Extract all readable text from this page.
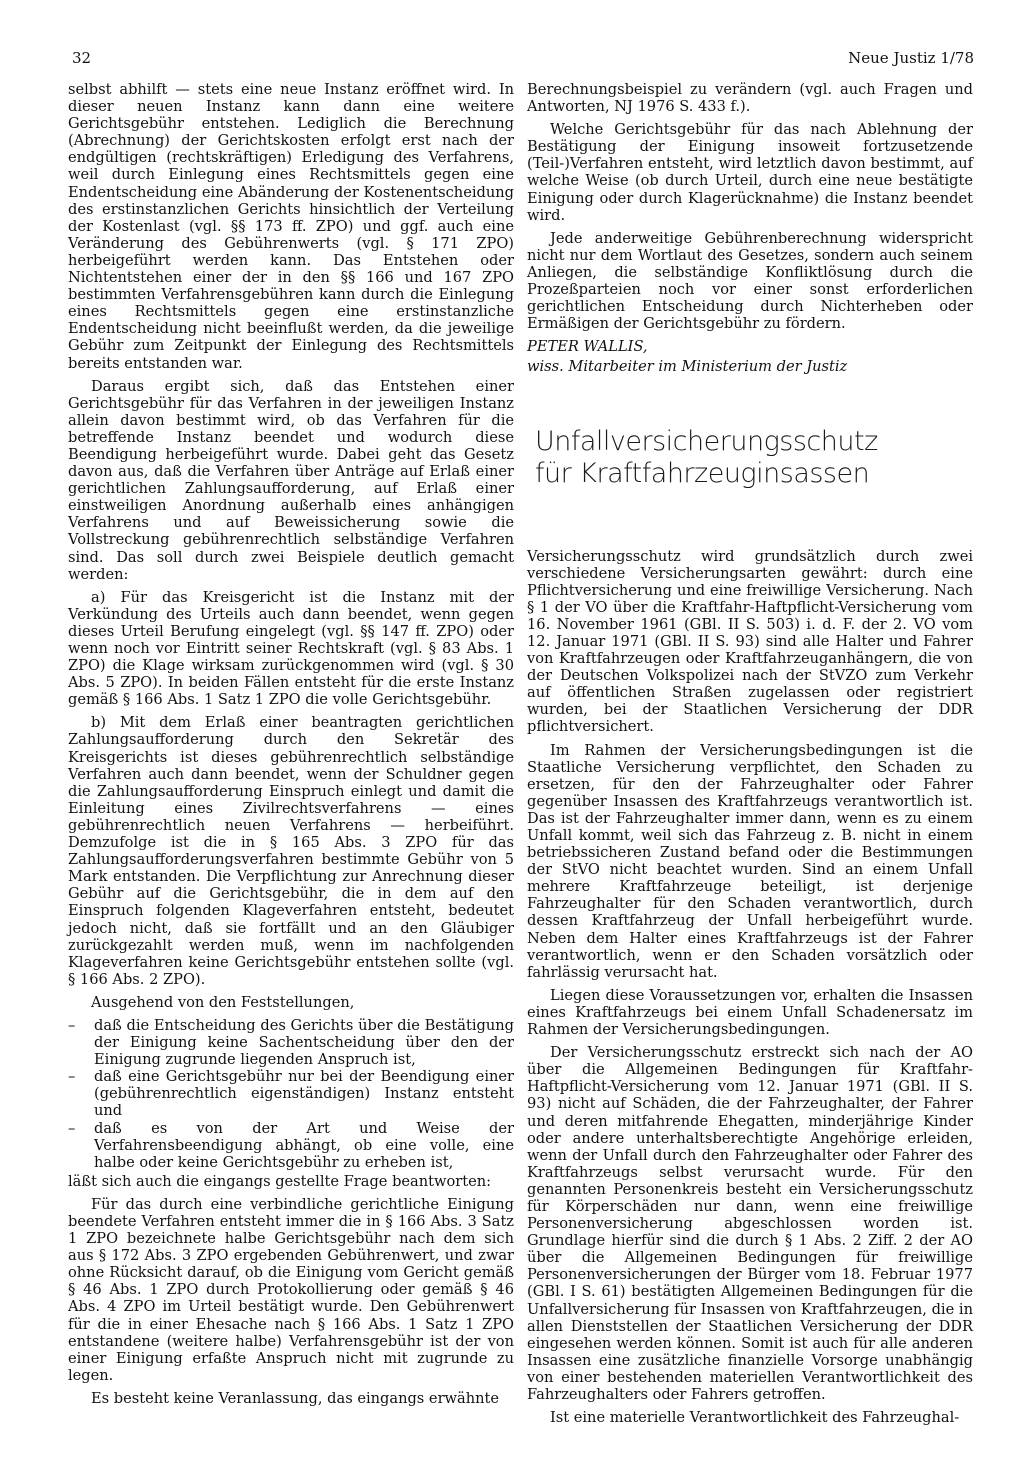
32	Neue Justiz 1/78

selbst abhilft — stets eine neue Instanz eröffnet wird. In dieser neuen Instanz kann dann eine weitere Gerichtsgebühr entstehen. Lediglich die Berechnung (Abrechnung) der Gerichtskosten erfolgt erst nach der endgültigen (rechtskräftigen) Erledigung des Verfahrens, weil durch Einlegung eines Rechtsmittels gegen eine Endentscheidung eine Abänderung der Kostenentscheidung des erstinstanzlichen Gerichts hinsichtlich der Verteilung der Kostenlast (vgl. §§ 173 ff. ZPO) und ggf. auch eine Veränderung des Gebührenwerts (vgl. § 171 ZPO) herbeigeführt werden kann. Das Entstehen oder Nichtentstehen einer der in den §§ 166 und 167 ZPO bestimmten Verfahrensgebühren kann durch die Einlegung eines Rechtsmittels gegen eine erstinstanzliche Endentscheidung nicht beeinflußt werden, da die jeweilige Gebühr zum Zeitpunkt der Einlegung des Rechtsmittels bereits entstanden war.

Daraus ergibt sich, daß das Entstehen einer Gerichtsgebühr für das Verfahren in der jeweiligen Instanz allein davon bestimmt wird, ob das Verfahren für die betreffende Instanz beendet und wodurch diese Beendigung herbeigeführt wurde. Dabei geht das Gesetz davon aus, daß die Verfahren über Anträge auf Erlaß einer gerichtlichen Zahlungsaufforderung, auf Erlaß einer einstweiligen Anordnung außerhalb eines anhängigen Verfahrens und auf Beweissicherung sowie die Vollstreckung gebührenrechtlich selbständige Verfahren sind. Das soll durch zwei Beispiele deutlich gemacht werden:

a) Für das Kreisgericht ist die Instanz mit der Verkündung des Urteils auch dann beendet, wenn gegen dieses Urteil Berufung eingelegt (vgl. §§ 147 ff. ZPO) oder wenn noch vor Eintritt seiner Rechtskraft (vgl. § 83 Abs. 1 ZPO) die Klage wirksam zurückgenommen wird (vgl. § 30 Abs. 5 ZPO). In beiden Fällen entsteht für die erste Instanz gemäß § 166 Abs. 1 Satz 1 ZPO die volle Gerichtsgebühr.

b) Mit dem Erlaß einer beantragten gerichtlichen Zahlungsaufforderung durch den Sekretär des Kreisgerichts ist dieses gebührenrechtlich selbständige Verfahren auch dann beendet, wenn der Schuldner gegen die Zahlungsaufforderung Einspruch einlegt und damit die Einleitung eines Zivilrechtsverfahrens — eines gebührenrechtlich neuen Verfahrens — herbeiführt. Demzufolge ist die in § 165 Abs. 3 ZPO für das Zahlungsaufforderungsverfahren bestimmte Gebühr von 5 Mark entstanden. Die Verpflichtung zur Anrechnung dieser Gebühr auf die Gerichtsgebühr, die in dem auf den Einspruch folgenden Klageverfahren entsteht, bedeutet jedoch nicht, daß sie fortfällt und an den Gläubiger zurückgezahlt werden muß, wenn im nachfolgenden Klageverfahren keine Gerichtsgebühr entstehen sollte (vgl. § 166 Abs. 2 ZPO).

Ausgehend von den Feststellungen,

– daß die Entscheidung des Gerichts über die Bestätigung der Einigung keine Sachentscheidung über den der Einigung zugrunde liegenden Anspruch ist,
– daß eine Gerichtsgebühr nur bei der Beendigung einer (gebührenrechtlich eigenständigen) Instanz entsteht und
– daß es von der Art und Weise der Verfahrensbeendigung abhängt, ob eine volle, eine halbe oder keine Gerichtsgebühr zu erheben ist,

läßt sich auch die eingangs gestellte Frage beantworten:

Für das durch eine verbindliche gerichtliche Einigung beendete Verfahren entsteht immer die in § 166 Abs. 3 Satz 1 ZPO bezeichnete halbe Gerichtsgebühr nach dem sich aus § 172 Abs. 3 ZPO ergebenden Gebührenwert, und zwar ohne Rücksicht darauf, ob die Einigung vom Gericht gemäß § 46 Abs. 1 ZPO durch Protokollierung oder gemäß § 46 Abs. 4 ZPO im Urteil bestätigt wurde. Den Gebührenwert für die in einer Ehesache nach § 166 Abs. 1 Satz 1 ZPO entstandene (weitere halbe) Verfahrensgebühr ist der von einer Einigung erfaßte Anspruch nicht mit zugrunde zu legen.

Es besteht keine Veranlassung, das eingangs erwähnte

Berechnungsbeispiel zu verändern (vgl. auch Fragen und Antworten, NJ 1976 S. 433 f.).

Welche Gerichtsgebühr für das nach Ablehnung der Bestätigung der Einigung insoweit fortzusetzende (Teil-)Verfahren entsteht, wird letztlich davon bestimmt, auf welche Weise (ob durch Urteil, durch eine neue bestätigte Einigung oder durch Klagerücknahme) die Instanz beendet wird.

Jede anderweitige Gebührenberechnung widerspricht nicht nur dem Wortlaut des Gesetzes, sondern auch seinem Anliegen, die selbständige Konfliktlösung durch die Prozeßparteien noch vor einer sonst erforderlichen gerichtlichen Entscheidung durch Nichterheben oder Ermäßigen der Gerichtsgebühr zu fördern.

PETER WALLIS,

wiss. Mitarbeiter im Ministerium der Justiz

Unfallversicherungsschutz
für Kraftfahrzeuginsassen

Versicherungsschutz wird grundsätzlich durch zwei verschiedene Versicherungsarten gewährt: durch eine Pflichtversicherung und eine freiwillige Versicherung. Nach § 1 der VO über die Kraftfahr-Haftpflicht-Versicherung vom 16. November 1961 (GBl. II S. 503) i. d. F. der 2. VO vom 12. Januar 1971 (GBl. II S. 93) sind alle Halter und Fahrer von Kraftfahrzeugen oder Kraftfahrzeuganhängern, die von der Deutschen Volkspolizei nach der StVZO zum Verkehr auf öffentlichen Straßen zugelassen oder registriert wurden, bei der Staatlichen Versicherung der DDR pflichtversichert.

Im Rahmen der Versicherungsbedingungen ist die Staatliche Versicherung verpflichtet, den Schaden zu ersetzen, für den der Fahrzeughalter oder Fahrer gegenüber Insassen des Kraftfahrzeugs verantwortlich ist. Das ist der Fahrzeughalter immer dann, wenn es zu einem Unfall kommt, weil sich das Fahrzeug z. B. nicht in einem betriebssicheren Zustand befand oder die Bestimmungen der StVO nicht beachtet wurden. Sind an einem Unfall mehrere Kraftfahrzeuge beteiligt, ist derjenige Fahrzeughalter für den Schaden verantwortlich, durch dessen Kraftfahrzeug der Unfall herbeigeführt wurde. Neben dem Halter eines Kraftfahrzeugs ist der Fahrer verantwortlich, wenn er den Schaden vorsätzlich oder fahrlässig verursacht hat.

Liegen diese Voraussetzungen vor, erhalten die Insassen eines Kraftfahrzeugs bei einem Unfall Schadenersatz im Rahmen der Versicherungsbedingungen.

Der Versicherungsschutz erstreckt sich nach der AO über die Allgemeinen Bedingungen für Kraftfahr-Haftpflicht-Versicherung vom 12. Januar 1971 (GBl. II S. 93) nicht auf Schäden, die der Fahrzeughalter, der Fahrer und deren mitfahrende Ehegatten, minderjährige Kinder oder andere unterhaltsberechtigte Angehörige erleiden, wenn der Unfall durch den Fahrzeughalter oder Fahrer des Kraftfahrzeugs selbst verursacht wurde. Für den genannten Personenkreis besteht ein Versicherungsschutz für Körperschäden nur dann, wenn eine freiwillige Personenversicherung abgeschlossen worden ist. Grundlage hierfür sind die durch § 1 Abs. 2 Ziff. 2 der AO über die Allgemeinen Bedingungen für freiwillige Personenversicherungen der Bürger vom 18. Februar 1977 (GBl. I S. 61) bestätigten Allgemeinen Bedingungen für die Unfallversicherung für Insassen von Kraftfahrzeugen, die in allen Dienststellen der Staatlichen Versicherung der DDR eingesehen werden können. Somit ist auch für alle anderen Insassen eine zusätzliche finanzielle Vorsorge unabhängig von einer bestehenden materiellen Verantwortlichkeit des Fahrzeughalters oder Fahrers getroffen.

Ist eine materielle Verantwortlichkeit des Fahrzeughal-
